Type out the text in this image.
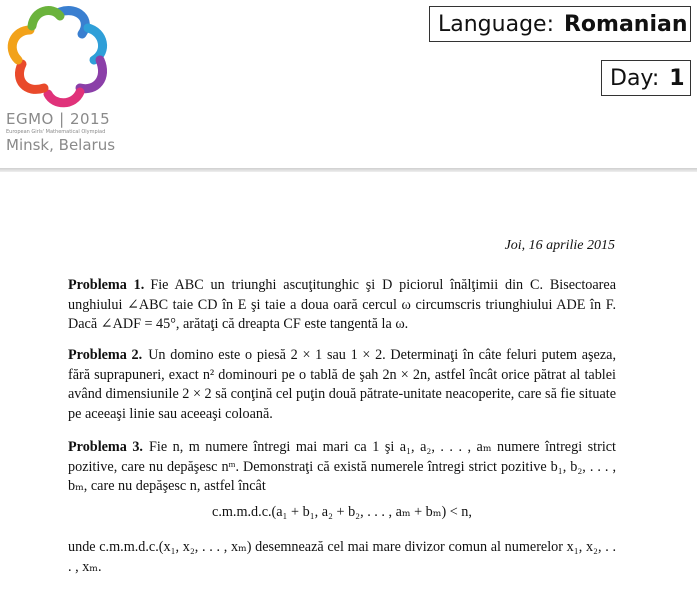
EGMO | 2015
European Girls' Mathematical Olympiad
Minsk, Belarus
Language: Romanian
Day: 1
Joi, 16 aprilie 2015
Problema 1. Fie ABC un triunghi ascuţitunghic şi D piciorul înălţimii din C. Bisectoarea unghiului ∠ABC taie CD în E şi taie a doua oară cercul ω circumscris triunghiului ADE în F. Dacă ∠ADF = 45°, arătaţi că dreapta CF este tangentă la ω.
Problema 2. Un domino este o piesă 2 × 1 sau 1 × 2. Determinaţi în câte feluri putem aşeza, fără suprapuneri, exact n² dominouri pe o tablă de şah 2n × 2n, astfel încât orice pătrat al tablei având dimensiunile 2 × 2 să conţină cel puţin două pătrate-unitate neacoperite, care să fie situate pe aceeaşi linie sau aceeaşi coloană.
Problema 3. Fie n, m numere întregi mai mari ca 1 şi a₁, a₂, . . . , aₘ numere întregi strict pozitive, care nu depăşesc nᵐ. Demonstraţi că există numerele întregi strict pozitive b₁, b₂, . . . , bₘ, care nu depăşesc n, astfel încât
c.m.m.d.c.(a₁ + b₁, a₂ + b₂, . . . , aₘ + bₘ) < n,
unde c.m.m.d.c.(x₁, x₂, . . . , xₘ) desemnează cel mai mare divizor comun al numerelor x₁, x₂, . . . , xₘ.
